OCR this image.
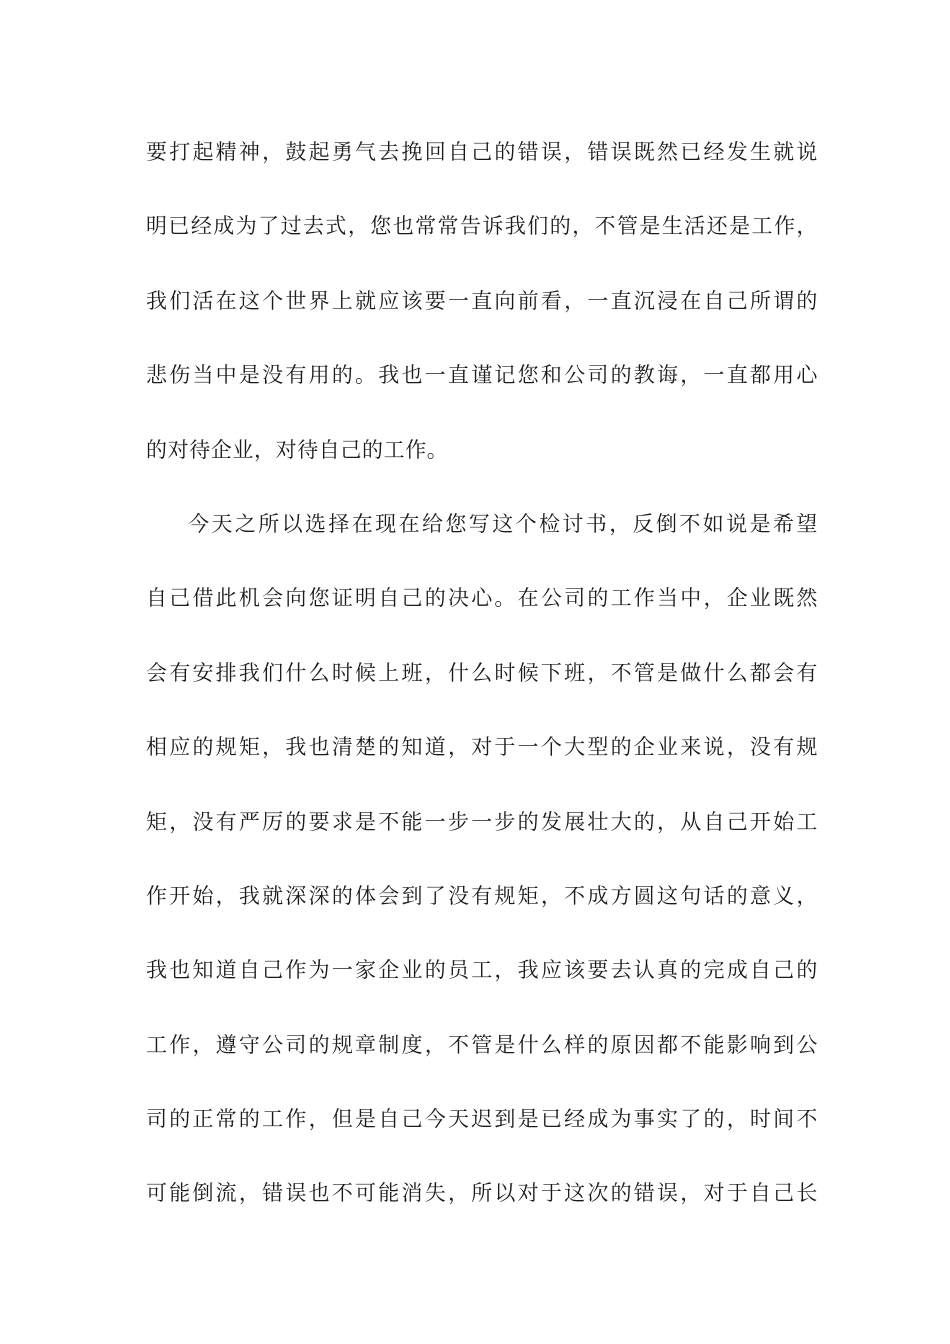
要打起精神，鼓起勇气去挽回自己的错误，错误既然已经发生就说
明已经成为了过去式，您也常常告诉我们的，不管是生活还是工作，
我们活在这个世界上就应该要一直向前看，一直沉浸在自己所谓的
悲伤当中是没有用的。我也一直谨记您和公司的教诲，一直都用心
的对待企业，对待自己的工作。
今天之所以选择在现在给您写这个检讨书，反倒不如说是希望
自己借此机会向您证明自己的决心。在公司的工作当中，企业既然
会有安排我们什么时候上班，什么时候下班，不管是做什么都会有
相应的规矩，我也清楚的知道，对于一个大型的企业来说，没有规
矩，没有严厉的要求是不能一步一步的发展壮大的，从自己开始工
作开始，我就深深的体会到了没有规矩，不成方圆这句话的意义，
我也知道自己作为一家企业的员工，我应该要去认真的完成自己的
工作，遵守公司的规章制度，不管是什么样的原因都不能影响到公
司的正常的工作，但是自己今天迟到是已经成为事实了的，时间不
可能倒流，错误也不可能消失，所以对于这次的错误，对于自己长
